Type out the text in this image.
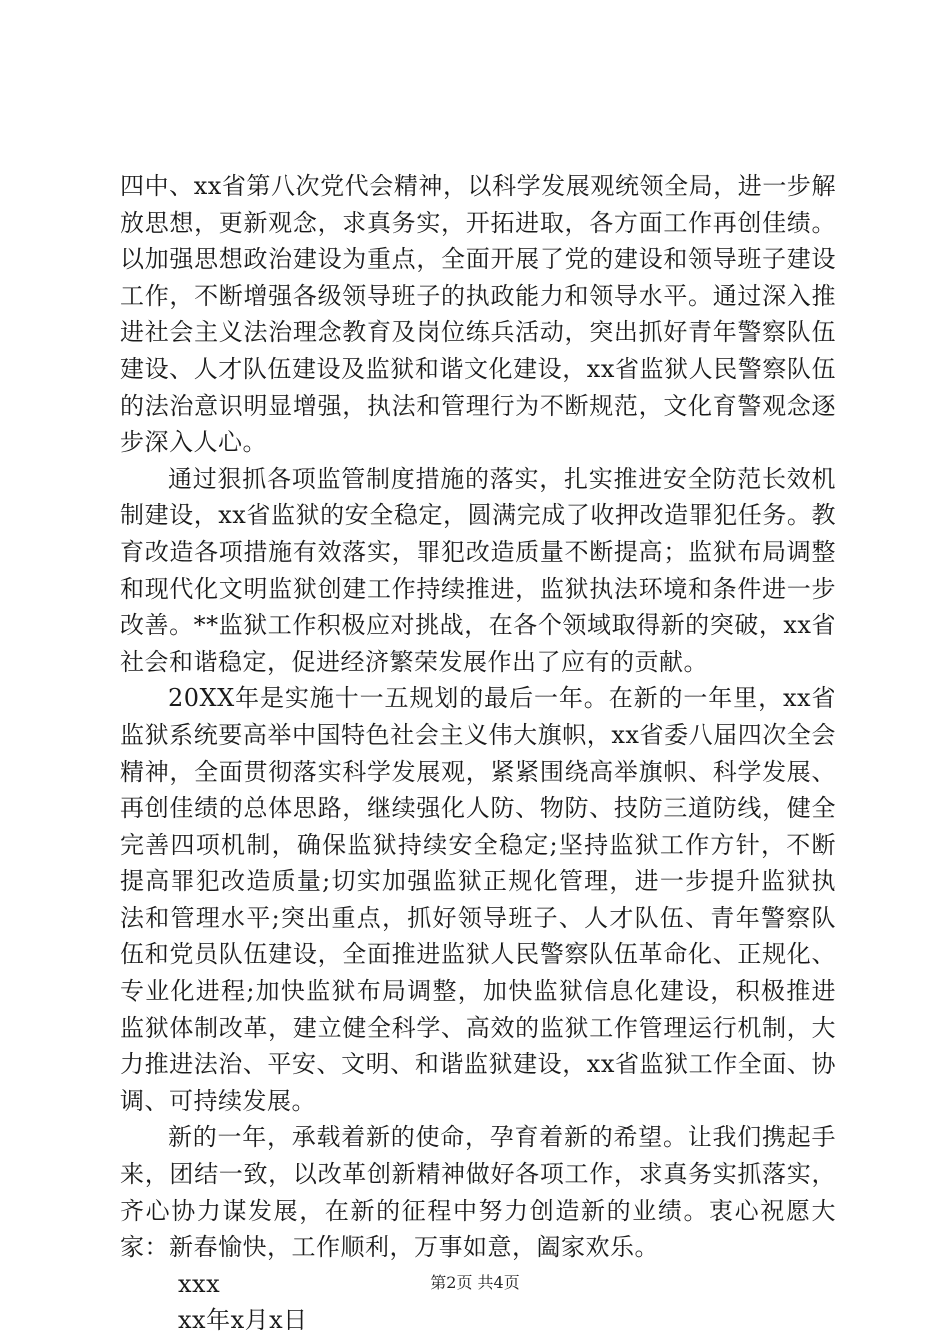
四中、xx省第八次党代会精神，以科学发展观统领全局，进一步解放思想，更新观念，求真务实，开拓进取，各方面工作再创佳绩。以加强思想政治建设为重点，全面开展了党的建设和领导班子建设工作，不断增强各级领导班子的执政能力和领导水平。通过深入推进社会主义法治理念教育及岗位练兵活动，突出抓好青年警察队伍建设、人才队伍建设及监狱和谐文化建设，xx省监狱人民警察队伍的法治意识明显增强，执法和管理行为不断规范，文化育警观念逐步深入人心。

通过狠抓各项监管制度措施的落实，扎实推进安全防范长效机制建设，xx省监狱的安全稳定，圆满完成了收押改造罪犯任务。教育改造各项措施有效落实，罪犯改造质量不断提高；监狱布局调整和现代化文明监狱创建工作持续推进，监狱执法环境和条件进一步改善。**监狱工作积极应对挑战，在各个领域取得新的突破，xx省社会和谐稳定，促进经济繁荣发展作出了应有的贡献。

20XX年是实施十一五规划的最后一年。在新的一年里，xx省监狱系统要高举中国特色社会主义伟大旗帜，xx省委八届四次全会精神，全面贯彻落实科学发展观，紧紧围绕高举旗帜、科学发展、再创佳绩的总体思路，继续强化人防、物防、技防三道防线，健全完善四项机制，确保监狱持续安全稳定;坚持监狱工作方针，不断提高罪犯改造质量;切实加强监狱正规化管理，进一步提升监狱执法和管理水平;突出重点，抓好领导班子、人才队伍、青年警察队伍和党员队伍建设，全面推进监狱人民警察队伍革命化、正规化、专业化进程;加快监狱布局调整，加快监狱信息化建设，积极推进监狱体制改革，建立健全科学、高效的监狱工作管理运行机制，大力推进法治、平安、文明、和谐监狱建设，xx省监狱工作全面、协调、可持续发展。

新的一年，承载着新的使命，孕育着新的希望。让我们携起手来，团结一致，以改革创新精神做好各项工作，求真务实抓落实，齐心协力谋发展，在新的征程中努力创造新的业绩。衷心祝愿大家：新春愉快，工作顺利，万事如意，阖家欢乐。

xxx

xx年x月x日

第2页 共4页
